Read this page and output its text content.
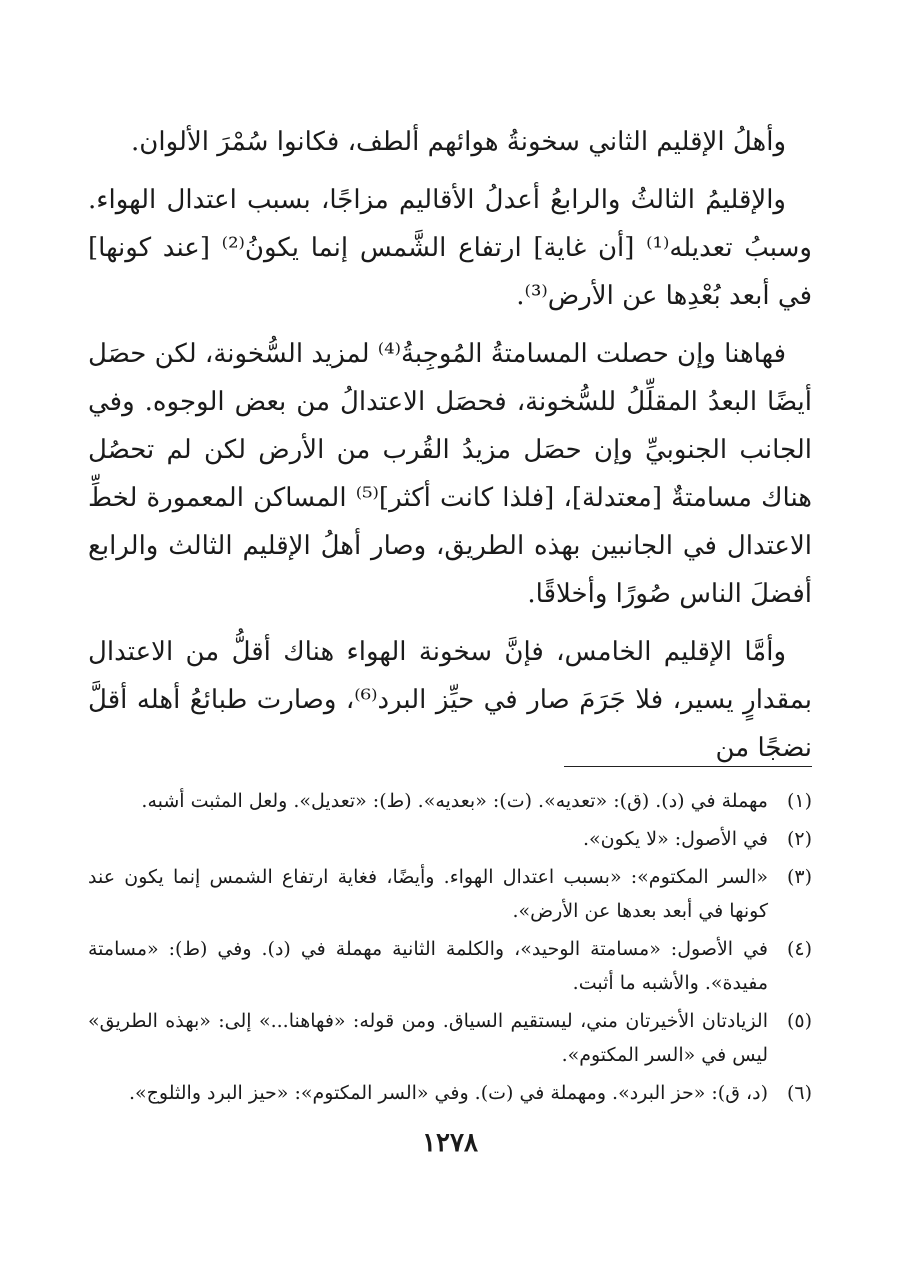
وأهلُ الإقليم الثاني سخونةُ هوائهم ألطف، فكانوا سُمْرَ الألوان.

والإقليمُ الثالثُ والرابعُ أعدلُ الأقاليم مزاجًا، بسبب اعتدال الهواء. وسببُ تعديله⁽¹⁾ [أن غاية] ارتفاع الشَّمس إنما يكونُ⁽²⁾ [عند كونها] في أبعد بُعْدِها عن الأرض⁽³⁾.

فهاهنا وإن حصلت المسامتةُ المُوجِبةُ⁽⁴⁾ لمزيد السُّخونة، لكن حصَل أيضًا البعدُ المقلِّلُ للسُّخونة، فحصَل الاعتدالُ من بعض الوجوه. وفي الجانب الجنوبيِّ وإن حصَل مزيدُ القُرب من الأرض لكن لم تحصُل هناك مسامتةٌ [معتدلة]، [فلذا كانت أكثر]⁽⁵⁾ المساكن المعمورة لخطِّ الاعتدال في الجانبين بهذه الطريق، وصار أهلُ الإقليم الثالث والرابع أفضلَ الناس صُورًا وأخلاقًا.

وأمَّا الإقليم الخامس، فإنَّ سخونة الهواء هناك أقلُّ من الاعتدال بمقدارٍ يسير، فلا جَرَمَ صار في حيِّز البرد⁽⁶⁾، وصارت طبائعُ أهله أقلَّ نضجًا من

(١)
مهملة في (د). (ق): «تعديه». (ت): «بعديه». (ط): «تعديل». ولعل المثبت أشبه.
(٢)
في الأصول: «لا يكون».
(٣)
«السر المكتوم»: «بسبب اعتدال الهواء. وأيضًا، فغاية ارتفاع الشمس إنما يكون عند كونها في أبعد بعدها عن الأرض».
(٤)
في الأصول: «مسامتة الوحيد»، والكلمة الثانية مهملة في (د). وفي (ط): «مسامتة مفيدة». والأشبه ما أثبت.
(٥)
الزيادتان الأخيرتان مني، ليستقيم السياق. ومن قوله: «فهاهنا...» إلى: «بهذه الطريق» ليس في «السر المكتوم».
(٦)
(د، ق): «حز البرد». ومهملة في (ت). وفي «السر المكتوم»: «حيز البرد والثلوج».
١٢٧٨
